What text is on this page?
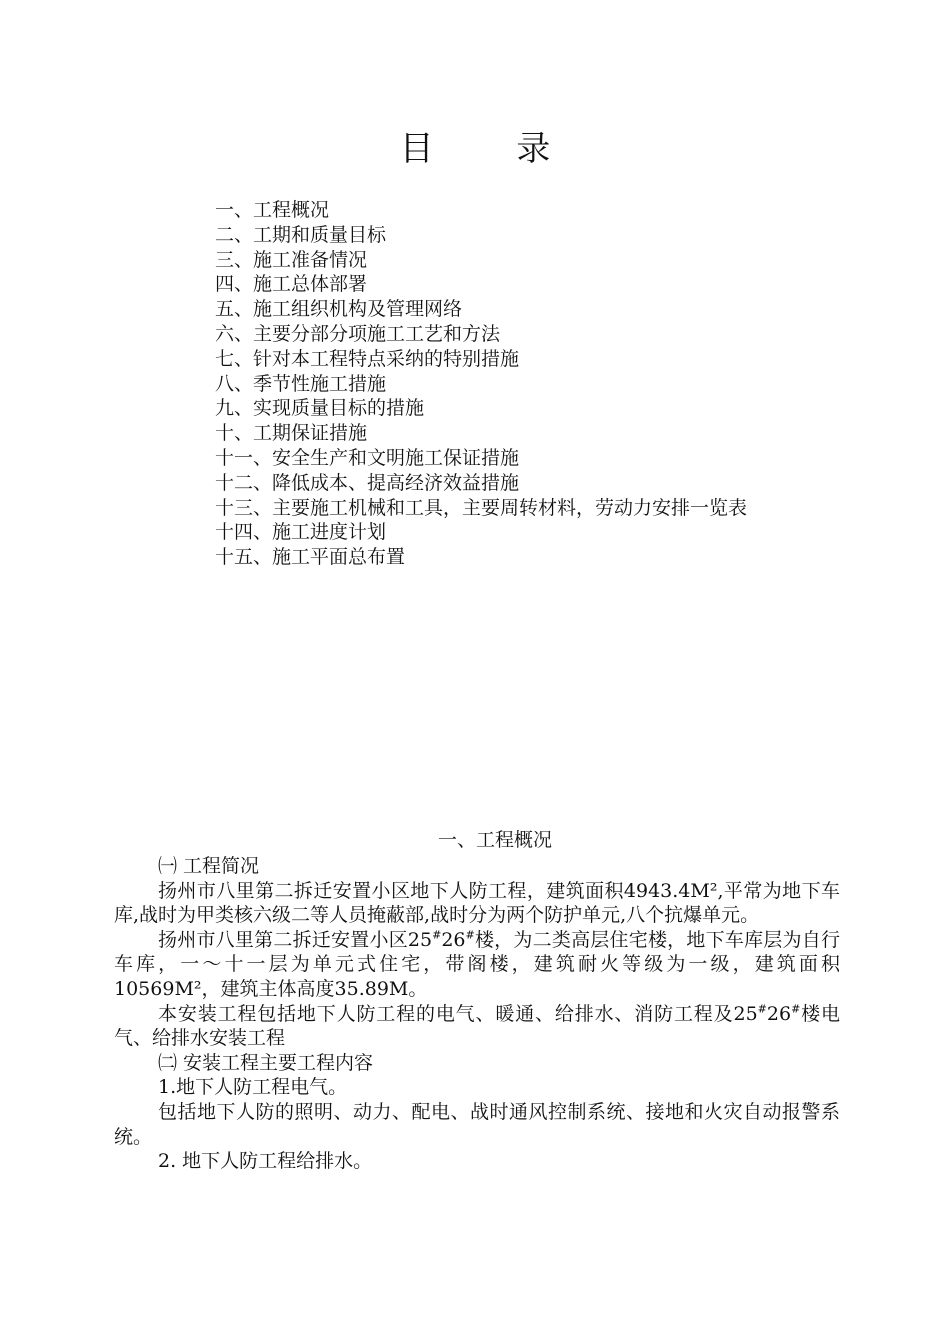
目 录

一、工程概况

二、工期和质量目标

三、施工准备情况

四、施工总体部署

五、施工组织机构及管理网络

六、主要分部分项施工工艺和方法

七、针对本工程特点采纳的特别措施

八、季节性施工措施

九、实现质量目标的措施

十、工期保证措施

十一、安全生产和文明施工保证措施

十二、降低成本、提高经济效益措施

十三、主要施工机械和工具，主要周转材料，劳动力安排一览表

十四、施工进度计划

十五、施工平面总布置

一、工程概况

㈠ 工程简况

扬州市八里第二拆迁安置小区地下人防工程，建筑面积4943.4M²,平常为地下车库,战时为甲类核六级二等人员掩蔽部,战时分为两个防护单元,八个抗爆单元。

扬州市八里第二拆迁安置小区25#26#楼，为二类高层住宅楼，地下车库层为自行车库，一～十一层为单元式住宅，带阁楼，建筑耐火等级为一级，建筑面积10569M²，建筑主体高度35.89M。

本安装工程包括地下人防工程的电气、暖通、给排水、消防工程及25#26#楼电气、给排水安装工程

㈡ 安装工程主要工程内容

1.地下人防工程电气。

包括地下人防的照明、动力、配电、战时通风控制系统、接地和火灾自动报警系统。

2. 地下人防工程给排水。
